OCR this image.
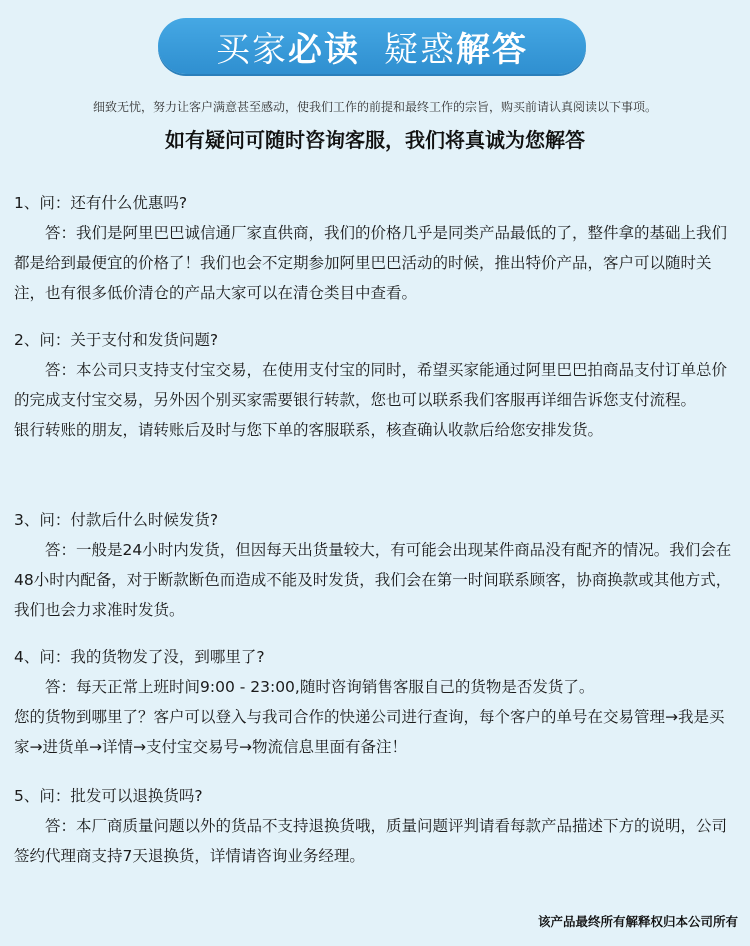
买家 必读 疑惑 解答
细致无忧，努力让客户满意甚至感动，使我们工作的前提和最终工作的宗旨，购买前请认真阅读以下事项。
如有疑问可随时咨询客服，我们将真诚为您解答
1、问：还有什么优惠吗?
答：我们是阿里巴巴诚信通厂家直供商，我们的价格几乎是同类产品最低的了，整件拿的基础上我们都是给到最便宜的价格了！我们也会不定期参加阿里巴巴活动的时候，推出特价产品，客户可以随时关注，也有很多低价清仓的产品大家可以在清仓类目中查看。
2、问：关于支付和发货问题?
答：本公司只支持支付宝交易，在使用支付宝的同时，希望买家能通过阿里巴巴拍商品支付订单总价的完成支付宝交易，另外因个别买家需要银行转款，您也可以联系我们客服再详细告诉您支付流程。
银行转账的朋友，请转账后及时与您下单的客服联系，核查确认收款后给您安排发货。
3、问：付款后什么时候发货?
答：一般是24小时内发货，但因每天出货量较大，有可能会出现某件商品没有配齐的情况。我们会在48小时内配备，对于断款断色而造成不能及时发货，我们会在第一时间联系顾客，协商换款或其他方式，我们也会力求准时发货。
4、问：我的货物发了没，到哪里了?
答：每天正常上班时间9:00 - 23:00,随时咨询销售客服自己的货物是否发货了。
您的货物到哪里了？客户可以登入与我司合作的快递公司进行查询，每个客户的单号在交易管理→我是买家→进货单→详情→支付宝交易号→物流信息里面有备注！
5、问：批发可以退换货吗?
答：本厂商质量问题以外的货品不支持退换货哦，质量问题评判请看每款产品描述下方的说明，公司签约代理商支持7天退换货，详情请咨询业务经理。
该产品最终所有解释权归本公司所有
